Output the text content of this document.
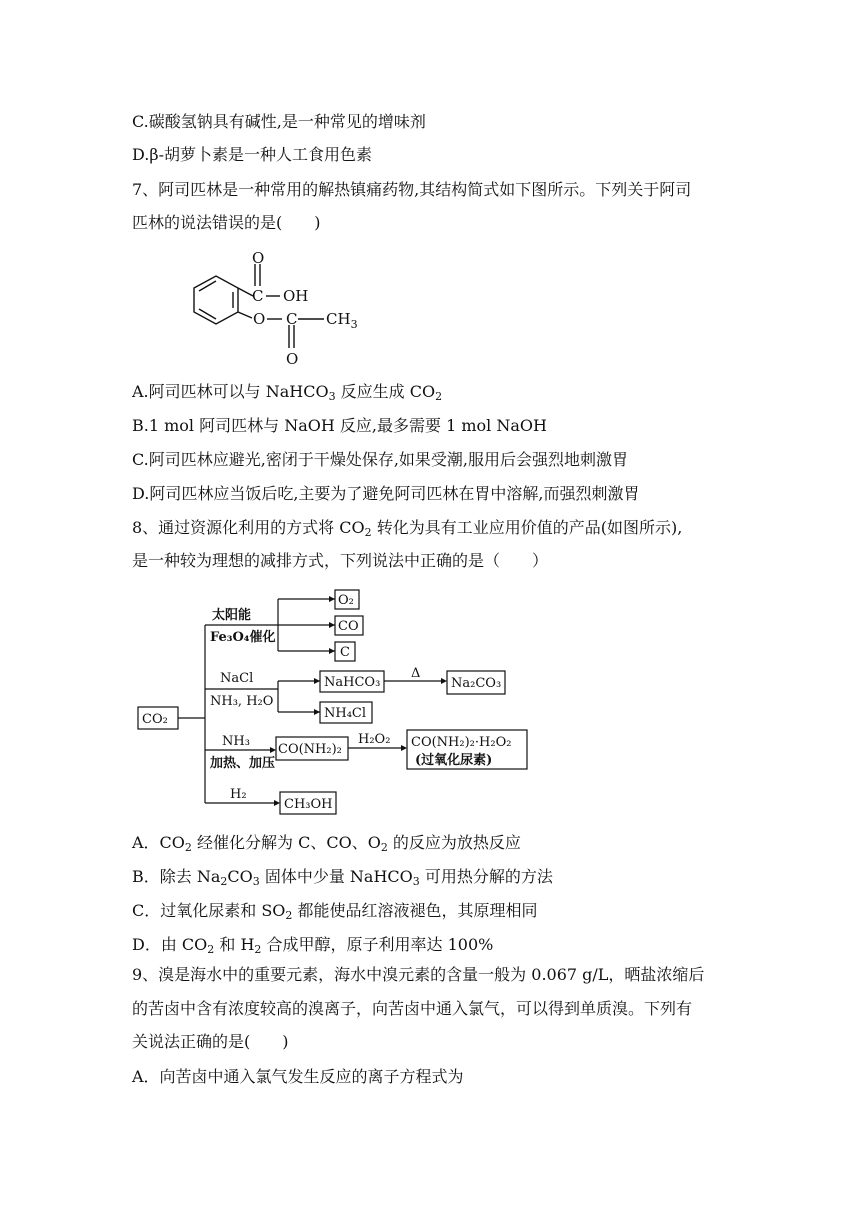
C.碳酸氢钠具有碱性,是一种常见的增味剂
D.β-胡萝卜素是一种人工食用色素
7、阿司匹林是一种常用的解热镇痛药物,其结构简式如下图所示。下列关于阿司
匹林的说法错误的是(　　)
O
C OH
O C $CH_3$
O
A.阿司匹林可以与 NaHCO$_3$ 反应生成 $CO_2$
B.1 mol 阿司匹林与 NaOH 反应,最多需要 1 mol NaOH
C.阿司匹林应避光,密闭于干燥处保存,如果受潮,服用后会强烈地刺激胃
D.阿司匹林应当饭后吃,主要为了避免阿司匹林在胃中溶解,而强烈刺激胃
8、通过资源化利用的方式将 $CO_2$ 转化为具有工业应用价值的产品(如图所示),
是一种较为理想的减排方式，下列说法中正确的是（　　）
CO₂
太阳能
Fe₃O₄催化
O₂
CO
C
NaCl
NH₃, H₂O
NaHCO₃
Δ
Na₂CO₃
NH₄Cl
NH₃
加热、加压
CO(NH₂)₂
H₂O₂ CO(NH₂)₂·H₂O₂
(过氧化尿素)
H₂
CH₃OH
A．$CO_2$ 经催化分解为 C、CO、$O_2$ 的反应为放热反应
B．除去 $Na_2CO_3$ 固体中少量 NaHCO$_3$ 可用热分解的方法
C．过氧化尿素和 $SO_2$ 都能使品红溶液褪色，其原理相同
D．由 $CO_2$ 和 $H_2$ 合成甲醇，原子利用率达 100%
9、溴是海水中的重要元素，海水中溴元素的含量一般为 0.067 g/L，晒盐浓缩后
的苦卤中含有浓度较高的溴离子，向苦卤中通入氯气，可以得到单质溴。下列有
关说法正确的是(　　)
A．向苦卤中通入氯气发生反应的离子方程式为
